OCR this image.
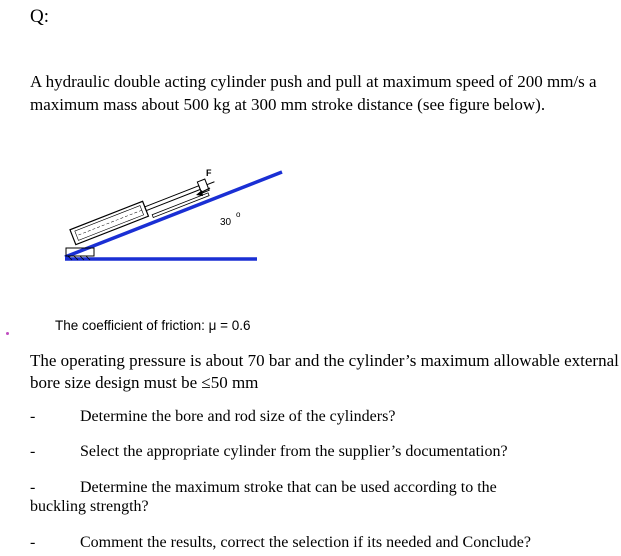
Q:
A hydraulic double acting cylinder push and pull at maximum speed of 200 mm/s a maximum mass about 500 kg at 300 mm stroke distance (see figure below).
F
30
o
The coefficient of friction: μ = 0.6
The operating pressure is about 70 bar and the cylinder’s maximum allowable external bore size design must be ≤50 mm
-	Determine the bore and rod size of the cylinders?
-	Select the appropriate cylinder from the supplier’s documentation?
-	Determine the maximum stroke that can be used according to the
buckling strength?
-	Comment the results, correct the selection if its needed and Conclude?
